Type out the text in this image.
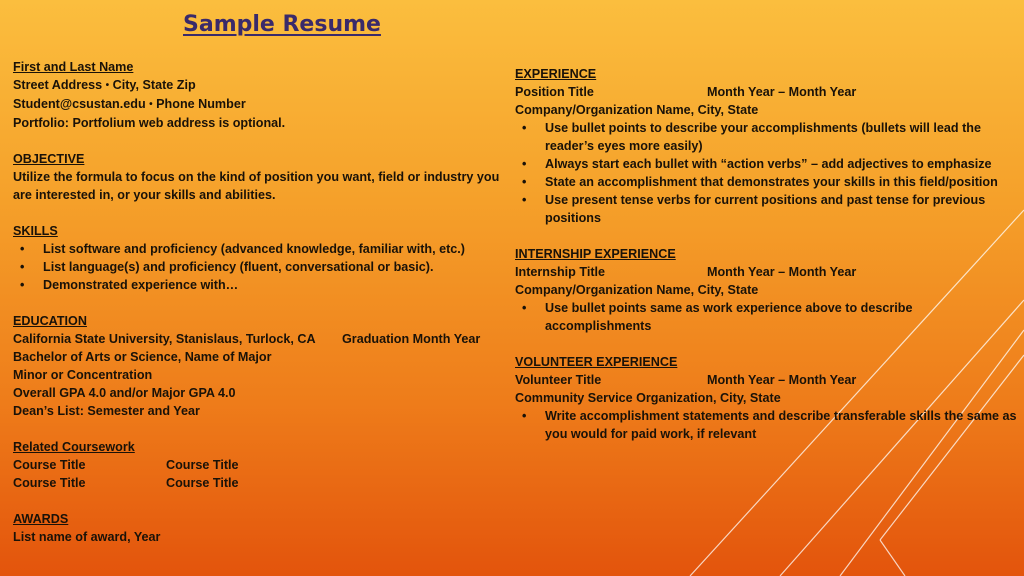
Sample Resume
First and Last Name
Street Address • City, State Zip
Student@csustan.edu • Phone Number
Portfolio: Portfolium web address is optional.
OBJECTIVE
Utilize the formula to focus on the kind of position you want, field or industry you are interested in, or your skills and abilities.
SKILLS
• List software and proficiency (advanced knowledge, familiar with, etc.)
• List language(s) and proficiency (fluent, conversational or basic).
• Demonstrated experience with…
EDUCATION
California State University, Stanislaus, Turlock, CA Graduation Month Year
Bachelor of Arts or Science, Name of Major
Minor or Concentration
Overall GPA 4.0 and/or Major GPA 4.0
Dean’s List: Semester and Year
Related Coursework
Course Title	Course Title
Course Title	Course Title
AWARDS
List name of award, Year
EXPERIENCE
Position Title	Month Year – Month Year
Company/Organization Name, City, State
• Use bullet points to describe your accomplishments (bullets will lead the reader’s eyes more easily)
• Always start each bullet with “action verbs” – add adjectives to emphasize
• State an accomplishment that demonstrates your skills in this field/position
• Use present tense verbs for current positions and past tense for previous positions
INTERNSHIP EXPERIENCE
Internship Title	Month Year – Month Year
Company/Organization Name, City, State
• Use bullet points same as work experience above to describe accomplishments
VOLUNTEER EXPERIENCE
Volunteer Title	Month Year – Month Year
Community Service Organization, City, State
• Write accomplishment statements and describe transferable skills the same as you would for paid work, if relevant
